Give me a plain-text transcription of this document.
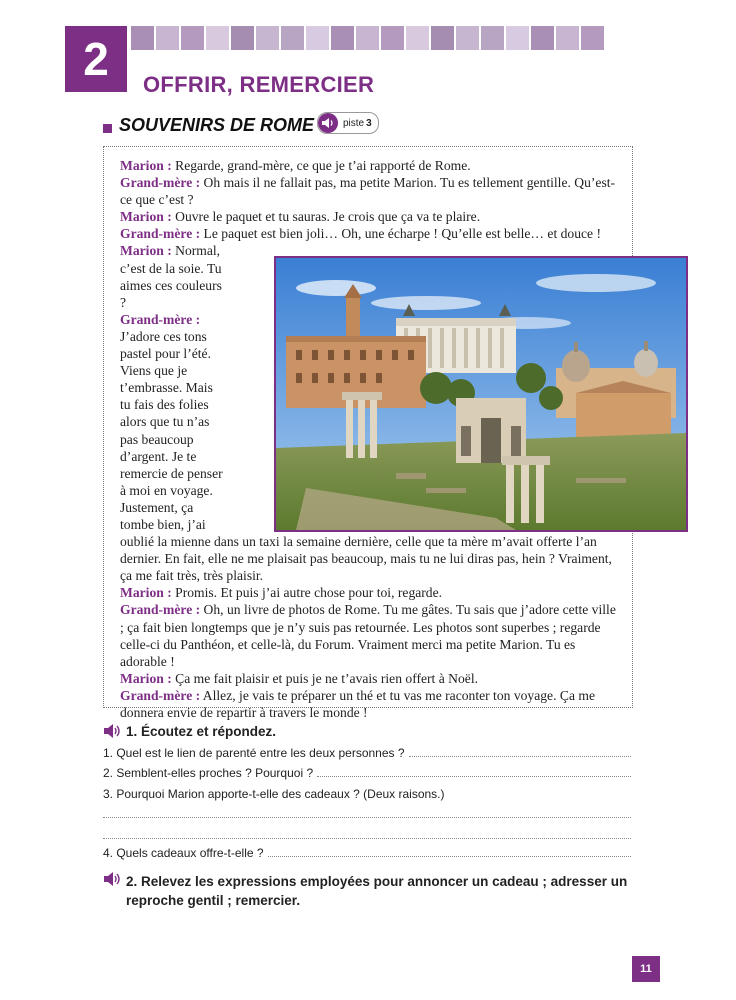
2	OFFRIR, REMERCIER
SOUVENIRS DE ROME	piste 3
Marion : Regarde, grand-mère, ce que je t’ai rapporté de Rome.
Grand-mère : Oh mais il ne fallait pas, ma petite Marion. Tu es tellement gentille. Qu’est-ce que c’est ?
Marion : Ouvre le paquet et tu sauras. Je crois que ça va te plaire.
Grand-mère : Le paquet est bien joli… Oh, une écharpe ! Qu’elle est belle… et douce !
Marion : Normal, c’est de la soie. Tu aimes ces couleurs ?
Grand-mère : J’adore ces tons pastel pour l’été. Viens que je t’embrasse. Mais tu fais des folies alors que tu n’as pas beaucoup d’argent. Je te remercie de penser à moi en voyage. Justement, ça tombe bien, j’ai oublié la mienne dans un taxi la semaine dernière, celle que ta mère m’avait offerte l’an dernier. En fait, elle ne me plaisait pas beaucoup, mais tu ne lui diras pas, hein ? Vraiment, ça me fait très, très plaisir.
Marion : Promis. Et puis j’ai autre chose pour toi, regarde.
Grand-mère : Oh, un livre de photos de Rome. Tu me gâtes. Tu sais que j’adore cette ville ; ça fait bien longtemps que je n’y suis pas retournée. Les photos sont superbes ; regarde celle-ci du Panthéon, et celle-là, du Forum. Vraiment merci ma petite Marion. Tu es adorable !
Marion : Ça me fait plaisir et puis je ne t’avais rien offert à Noël.
Grand-mère : Allez, je vais te préparer un thé et tu vas me raconter ton voyage. Ça me donnera envie de repartir à travers le monde !
1. Écoutez et répondez.
1. Quel est le lien de parenté entre les deux personnes ?
2. Semblent-elles proches ? Pourquoi ?
3. Pourquoi Marion apporte-t-elle des cadeaux ? (Deux raisons.)
4. Quels cadeaux offre-t-elle ?
2. Relevez les expressions employées pour annoncer un cadeau ; adresser un reproche gentil ; remercier.
11
